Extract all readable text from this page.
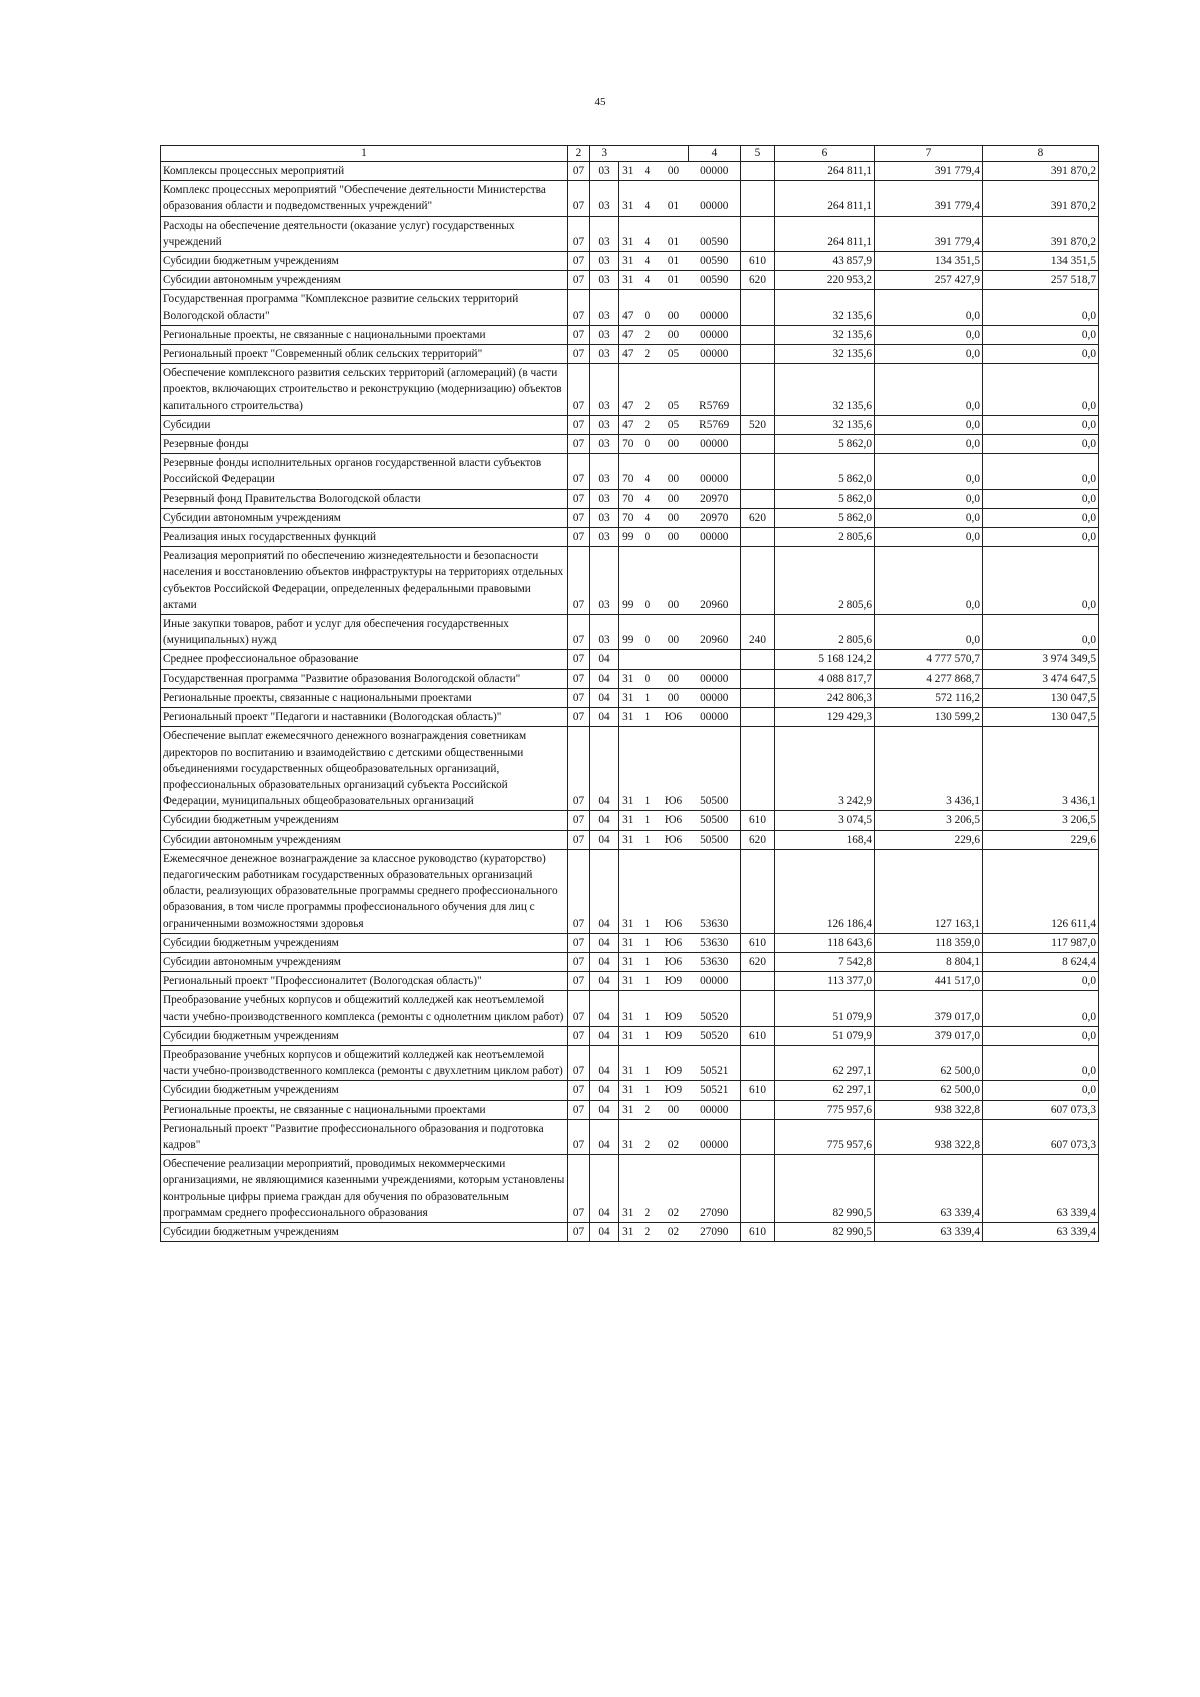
45
1	2	3				4	5	6	7	8
Комплексы процессных мероприятий	07	03	31	4	00	00000		264 811,1	391 779,4	391 870,2
Комплекс процессных мероприятий "Обеспечение деятельности Министерства образования области и подведомственных учреждений"	07	03	31	4	01	00000		264 811,1	391 779,4	391 870,2
Расходы на обеспечение деятельности (оказание услуг) государственных учреждений	07	03	31	4	01	00590		264 811,1	391 779,4	391 870,2
Субсидии бюджетным учреждениям	07	03	31	4	01	00590	610	43 857,9	134 351,5	134 351,5
Субсидии автономным учреждениям	07	03	31	4	01	00590	620	220 953,2	257 427,9	257 518,7
Государственная программа "Комплексное развитие сельских территорий Вологодской области"	07	03	47	0	00	00000		32 135,6	0,0	0,0
Региональные проекты, не связанные с национальными проектами	07	03	47	2	00	00000		32 135,6	0,0	0,0
Региональный проект "Современный облик сельских территорий"	07	03	47	2	05	00000		32 135,6	0,0	0,0
Обеспечение комплексного развития сельских территорий (агломераций) (в части проектов, включающих строительство и реконструкцию (модернизацию) объектов капитального строительства)	07	03	47	2	05	R5769		32 135,6	0,0	0,0
Субсидии	07	03	47	2	05	R5769	520	32 135,6	0,0	0,0
Резервные фонды	07	03	70	0	00	00000		5 862,0	0,0	0,0
Резервные фонды исполнительных органов государственной власти субъектов Российской Федерации	07	03	70	4	00	00000		5 862,0	0,0	0,0
Резервный фонд Правительства Вологодской области	07	03	70	4	00	20970		5 862,0	0,0	0,0
Субсидии автономным учреждениям	07	03	70	4	00	20970	620	5 862,0	0,0	0,0
Реализация иных государственных функций	07	03	99	0	00	00000		2 805,6	0,0	0,0
Реализация мероприятий по обеспечению жизнедеятельности и безопасности населения и восстановлению объектов инфраструктуры на территориях отдельных субъектов Российской Федерации, определенных федеральными правовыми актами	07	03	99	0	00	20960		2 805,6	0,0	0,0
Иные закупки товаров, работ и услуг для обеспечения государственных (муниципальных) нужд	07	03	99	0	00	20960	240	2 805,6	0,0	0,0
Среднее профессиональное образование	07	04						5 168 124,2	4 777 570,7	3 974 349,5
Государственная программа "Развитие образования Вологодской области"	07	04	31	0	00	00000		4 088 817,7	4 277 868,7	3 474 647,5
Региональные проекты, связанные с национальными проектами	07	04	31	1	00	00000		242 806,3	572 116,2	130 047,5
Региональный проект "Педагоги и наставники (Вологодская область)"	07	04	31	1	Ю6	00000		129 429,3	130 599,2	130 047,5
Обеспечение выплат ежемесячного денежного вознаграждения советникам директоров по воспитанию и взаимодействию с детскими общественными объединениями государственных общеобразовательных организаций, профессиональных образовательных организаций субъекта Российской Федерации, муниципальных общеобразовательных организаций	07	04	31	1	Ю6	50500		3 242,9	3 436,1	3 436,1
Субсидии бюджетным учреждениям	07	04	31	1	Ю6	50500	610	3 074,5	3 206,5	3 206,5
Субсидии автономным учреждениям	07	04	31	1	Ю6	50500	620	168,4	229,6	229,6
Ежемесячное денежное вознаграждение за классное руководство (кураторство) педагогическим работникам государственных образовательных организаций области, реализующих образовательные программы среднего профессионального образования, в том числе программы профессионального обучения для лиц с ограниченными возможностями здоровья	07	04	31	1	Ю6	53630		126 186,4	127 163,1	126 611,4
Субсидии бюджетным учреждениям	07	04	31	1	Ю6	53630	610	118 643,6	118 359,0	117 987,0
Субсидии автономным учреждениям	07	04	31	1	Ю6	53630	620	7 542,8	8 804,1	8 624,4
Региональный проект "Профессионалитет (Вологодская область)"	07	04	31	1	Ю9	00000		113 377,0	441 517,0	0,0
Преобразование учебных корпусов и общежитий колледжей как неотъемлемой части учебно-производственного комплекса (ремонты с однолетним циклом работ)	07	04	31	1	Ю9	50520		51 079,9	379 017,0	0,0
Субсидии бюджетным учреждениям	07	04	31	1	Ю9	50520	610	51 079,9	379 017,0	0,0
Преобразование учебных корпусов и общежитий колледжей как неотъемлемой части учебно-производственного комплекса (ремонты с двухлетним циклом работ)	07	04	31	1	Ю9	50521		62 297,1	62 500,0	0,0
Субсидии бюджетным учреждениям	07	04	31	1	Ю9	50521	610	62 297,1	62 500,0	0,0
Региональные проекты, не связанные с национальными проектами	07	04	31	2	00	00000		775 957,6	938 322,8	607 073,3
Региональный проект "Развитие профессионального образования и подготовка кадров"	07	04	31	2	02	00000		775 957,6	938 322,8	607 073,3
Обеспечение реализации мероприятий, проводимых некоммерческими организациями, не являющимися казенными учреждениями, которым установлены контрольные цифры приема граждан для обучения по образовательным программам среднего профессионального образования	07	04	31	2	02	27090		82 990,5	63 339,4	63 339,4
Субсидии бюджетным учреждениям	07	04	31	2	02	27090	610	82 990,5	63 339,4	63 339,4
